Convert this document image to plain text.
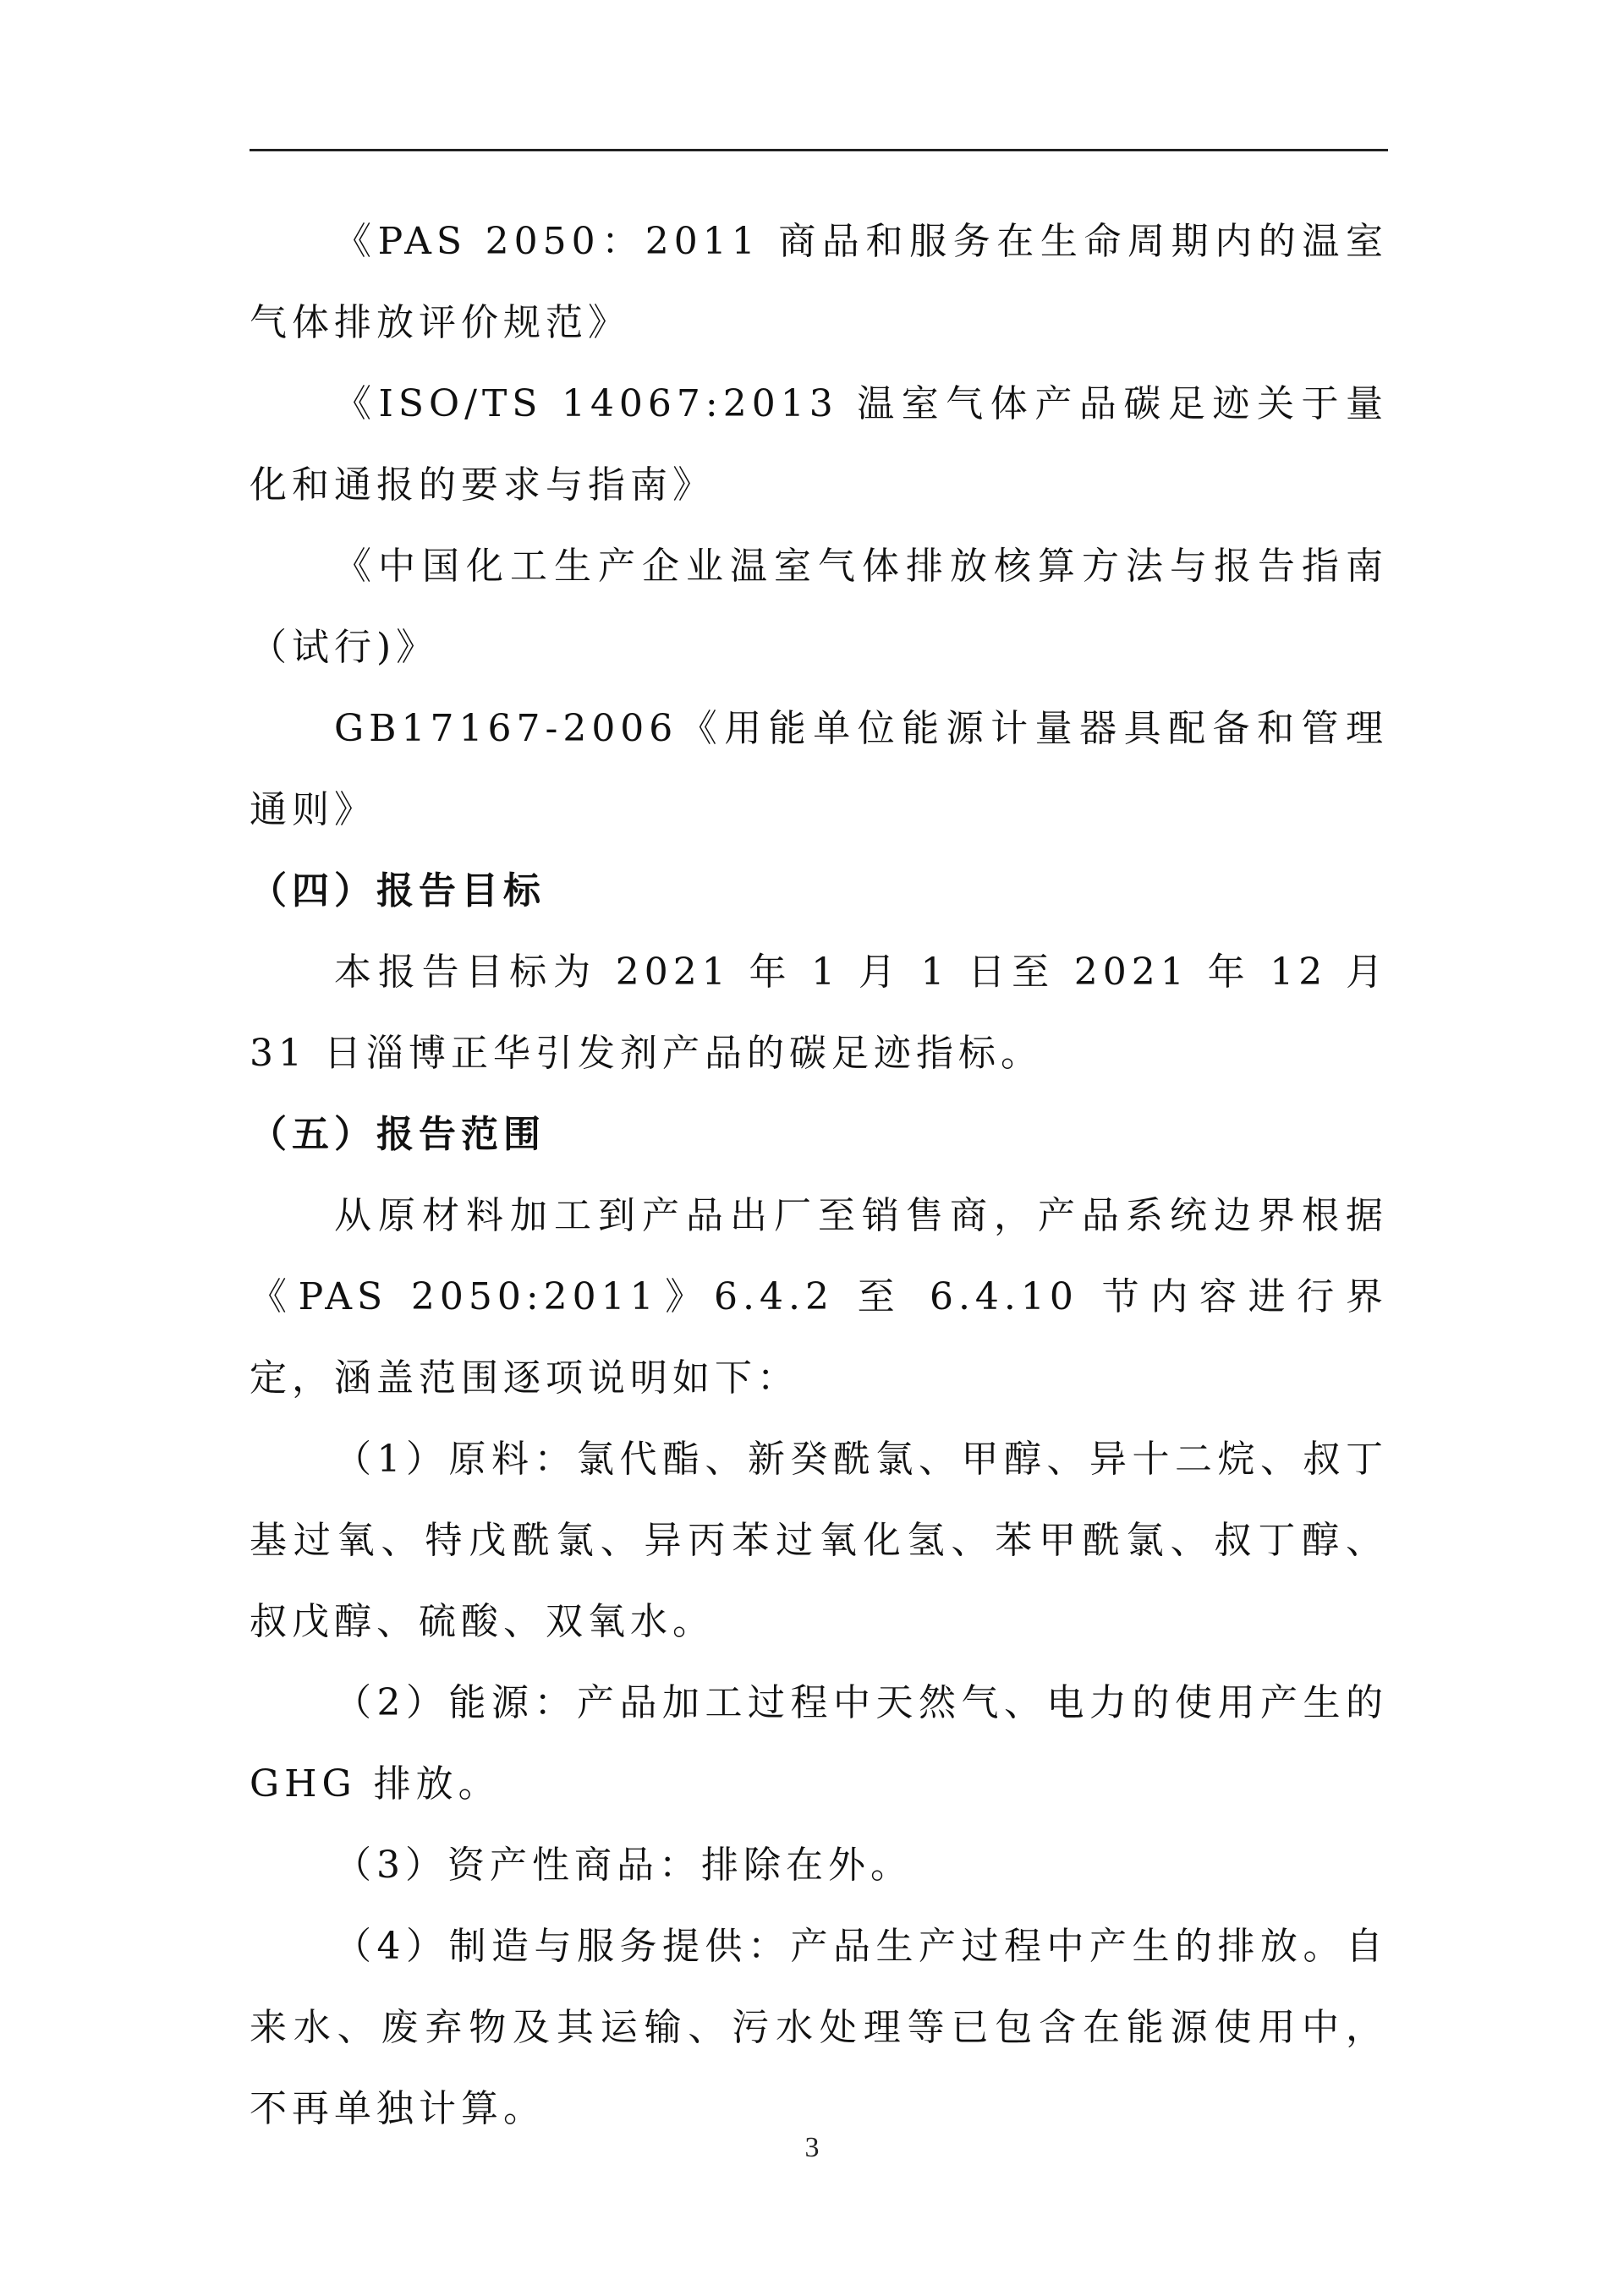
《PAS 2050：2011 商品和服务在生命周期内的温室气体排放评价规范》

《ISO/TS 14067:2013 温室气体产品碳足迹关于量化和通报的要求与指南》

《中国化工生产企业温室气体排放核算方法与报告指南（试行)》

GB17167-2006《用能单位能源计量器具配备和管理通则》

（四）报告目标

本报告目标为 2021 年 1 月 1 日至 2021 年 12 月 31 日淄博正华引发剂产品的碳足迹指标。

（五）报告范围

从原材料加工到产品出厂至销售商，产品系统边界根据《PAS 2050:2011》6.4.2 至 6.4.10 节内容进行界定，涵盖范围逐项说明如下：

（1）原料：氯代酯、新癸酰氯、甲醇、异十二烷、叔丁基过氧、特戊酰氯、异丙苯过氧化氢、苯甲酰氯、叔丁醇、叔戊醇、硫酸、双氧水。

（2）能源：产品加工过程中天然气、电力的使用产生的 GHG 排放。

（3）资产性商品：排除在外。

（4）制造与服务提供：产品生产过程中产生的排放。自来水、废弃物及其运输、污水处理等已包含在能源使用中，不再单独计算。

3
